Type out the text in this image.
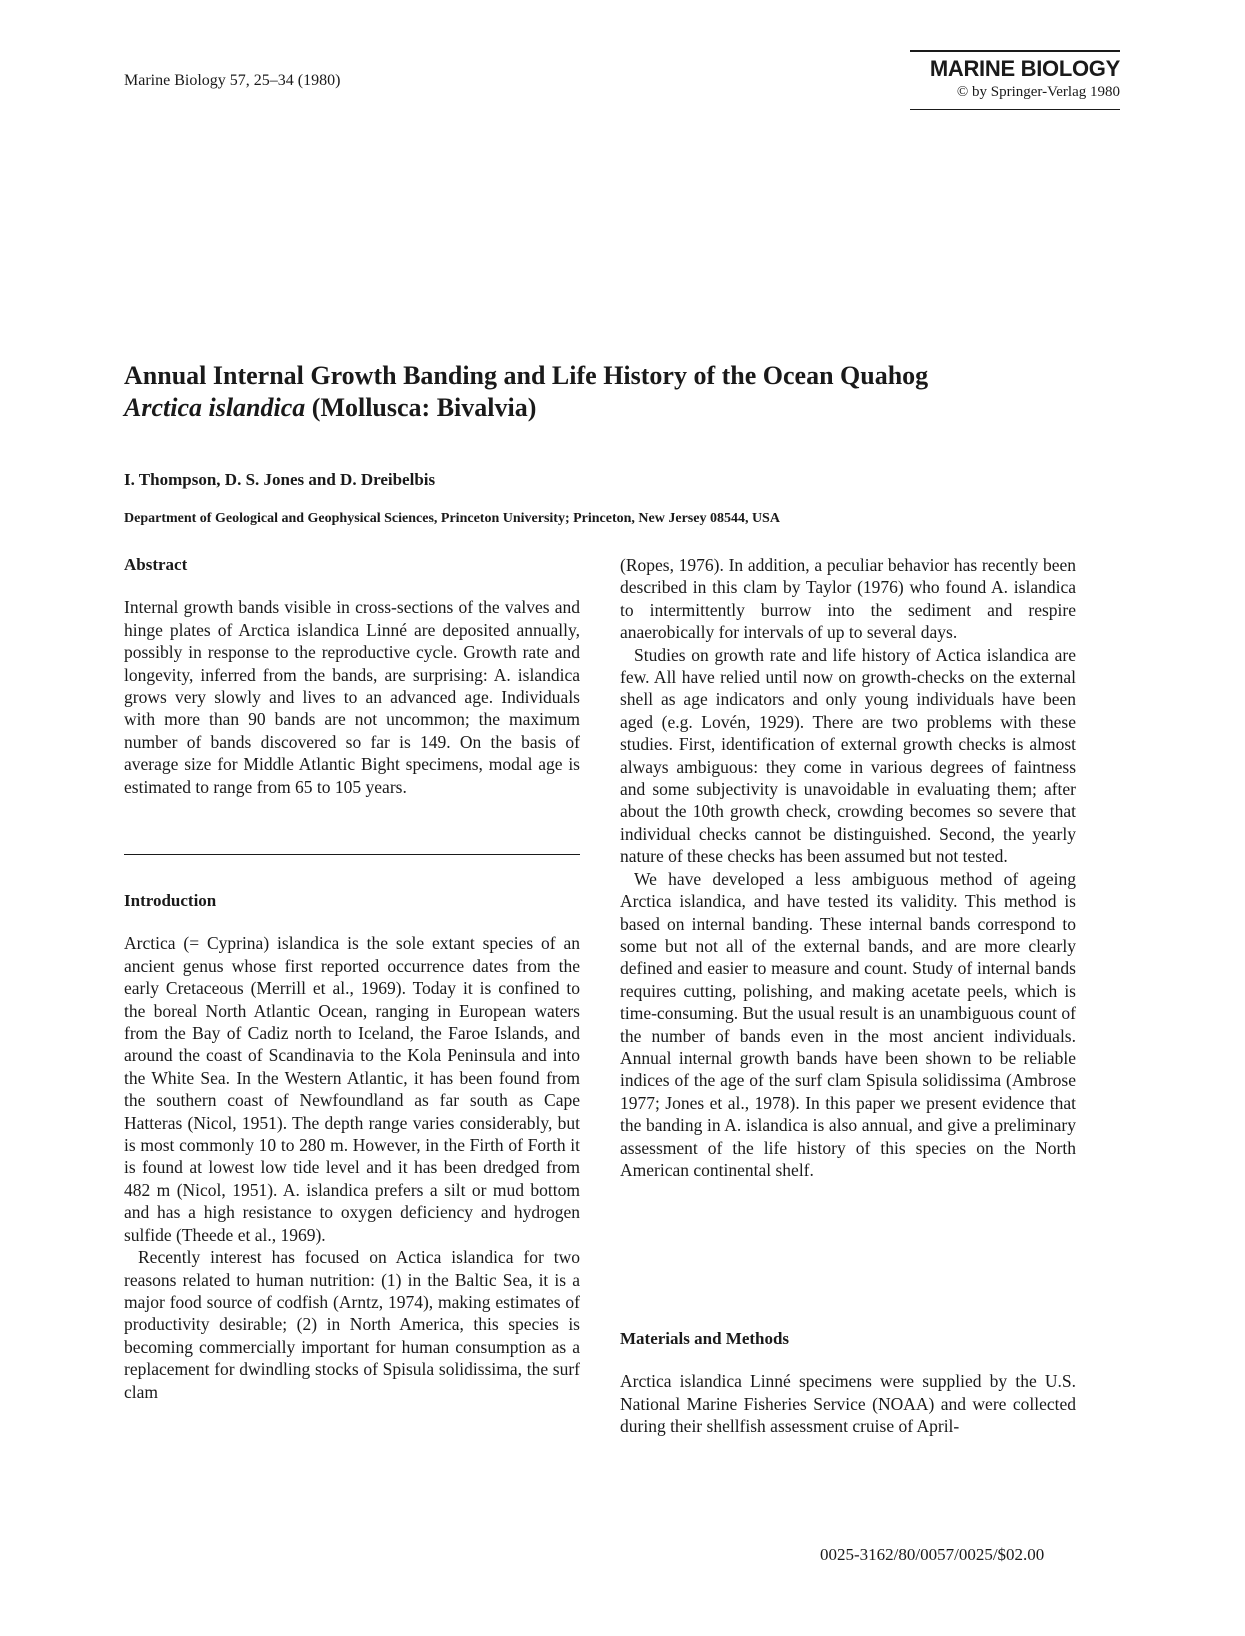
Marine Biology 57, 25–34 (1980)	MARINE BIOLOGY
© by Springer-Verlag 1980
Annual Internal Growth Banding and Life History of the Ocean Quahog
Arctica islandica (Mollusca: Bivalvia)
I. Thompson, D. S. Jones and D. Dreibelbis
Department of Geological and Geophysical Sciences, Princeton University; Princeton, New Jersey 08544, USA
Abstract

Internal growth bands visible in cross-sections of the valves and hinge plates of Arctica islandica Linné are deposited annually, possibly in response to the reproductive cycle. Growth rate and longevity, inferred from the bands, are surprising: A. islandica grows very slowly and lives to an advanced age. Individuals with more than 90 bands are not uncommon; the maximum number of bands discovered so far is 149. On the basis of average size for Middle Atlantic Bight specimens, modal age is estimated to range from 65 to 105 years.

Introduction

Arctica (= Cyprina) islandica is the sole extant species of an ancient genus whose first reported occurrence dates from the early Cretaceous (Merrill et al., 1969). Today it is confined to the boreal North Atlantic Ocean, ranging in European waters from the Bay of Cadiz north to Iceland, the Faroe Islands, and around the coast of Scandinavia to the Kola Peninsula and into the White Sea. In the Western Atlantic, it has been found from the southern coast of Newfoundland as far south as Cape Hatteras (Nicol, 1951). The depth range varies considerably, but is most commonly 10 to 280 m. However, in the Firth of Forth it is found at lowest low tide level and it has been dredged from 482 m (Nicol, 1951). A. islandica prefers a silt or mud bottom and has a high resistance to oxygen deficiency and hydrogen sulfide (Theede et al., 1969).

Recently interest has focused on Actica islandica for two reasons related to human nutrition: (1) in the Baltic Sea, it is a major food source of codfish (Arntz, 1974), making estimates of productivity desirable; (2) in North America, this species is becoming commercially important for human consumption as a replacement for dwindling stocks of Spisula solidissima, the surf clam

(Ropes, 1976). In addition, a peculiar behavior has recently been described in this clam by Taylor (1976) who found A. islandica to intermittently burrow into the sediment and respire anaerobically for intervals of up to several days.

Studies on growth rate and life history of Actica islandica are few. All have relied until now on growth-checks on the external shell as age indicators and only young individuals have been aged (e.g. Lovén, 1929). There are two problems with these studies. First, identification of external growth checks is almost always ambiguous: they come in various degrees of faintness and some subjectivity is unavoidable in evaluating them; after about the 10th growth check, crowding becomes so severe that individual checks cannot be distinguished. Second, the yearly nature of these checks has been assumed but not tested.

We have developed a less ambiguous method of ageing Arctica islandica, and have tested its validity. This method is based on internal banding. These internal bands correspond to some but not all of the external bands, and are more clearly defined and easier to measure and count. Study of internal bands requires cutting, polishing, and making acetate peels, which is time-consuming. But the usual result is an unambiguous count of the number of bands even in the most ancient individuals. Annual internal growth bands have been shown to be reliable indices of the age of the surf clam Spisula solidissima (Ambrose 1977; Jones et al., 1978). In this paper we present evidence that the banding in A. islandica is also annual, and give a preliminary assessment of the life history of this species on the North American continental shelf.

Materials and Methods

Arctica islandica Linné specimens were supplied by the U.S. National Marine Fisheries Service (NOAA) and were collected during their shellfish assessment cruise of April-

0025-3162/80/0057/0025/$02.00
